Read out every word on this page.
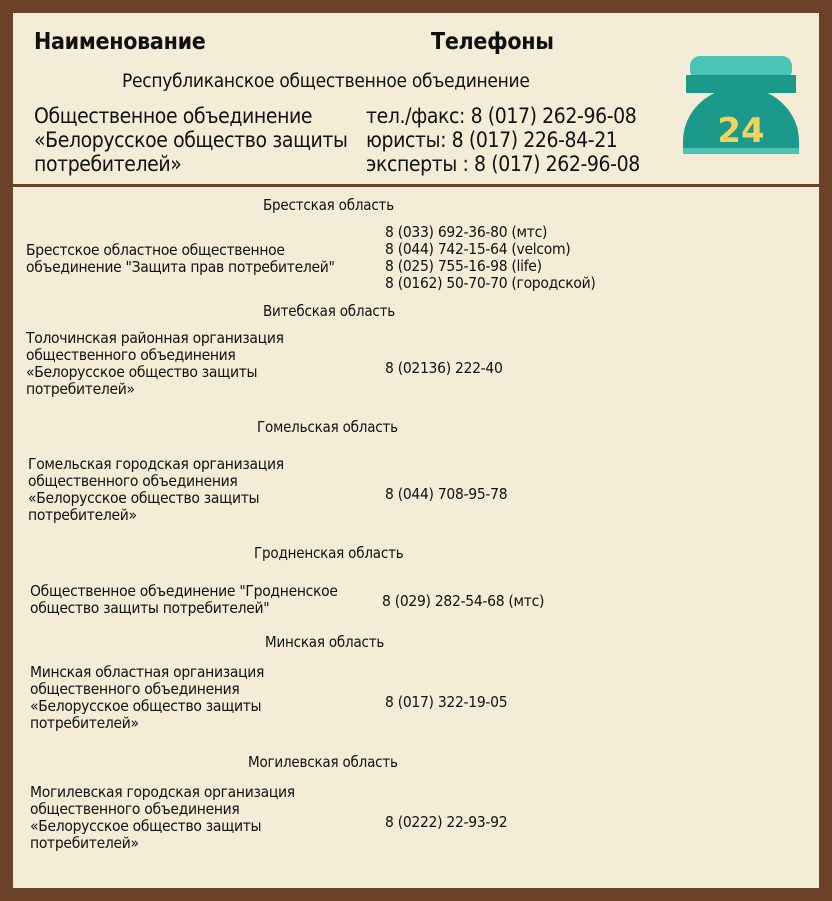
Наименование	Телефоны
Республиканское общественное объединение
Общественное объединение
«Белорусское общество защиты
потребителей»
тел./факс: 8 (017) 262-96-08
юристы: 8 (017) 226-84-21
эксперты : 8 (017) 262-96-08
24
Брестская область
Брестское областное общественное
объединение "Защита прав потребителей"
8 (033) 692-36-80 (мтс)
8 (044) 742-15-64 (velcom)
8 (025) 755-16-98 (life)
8 (0162) 50-70-70 (городской)
Витебская область
Толочинская районная организация
общественного объединения
«Белорусское общество защиты
потребителей»
8 (02136) 222-40
Гомельская область
Гомельская городская организация
общественного объединения
«Белорусское общество защиты
потребителей»
8 (044) 708-95-78
Гродненская область
Общественное объединение "Гродненское
общество защиты потребителей"	8 (029) 282-54-68 (мтс)
Минская область
Минская областная организация
общественного объединения
«Белорусское общество защиты
потребителей»
8 (017) 322-19-05
Могилевская область
Могилевская городская организация
общественного объединения
«Белорусское общество защиты
потребителей»
8 (0222) 22-93-92
